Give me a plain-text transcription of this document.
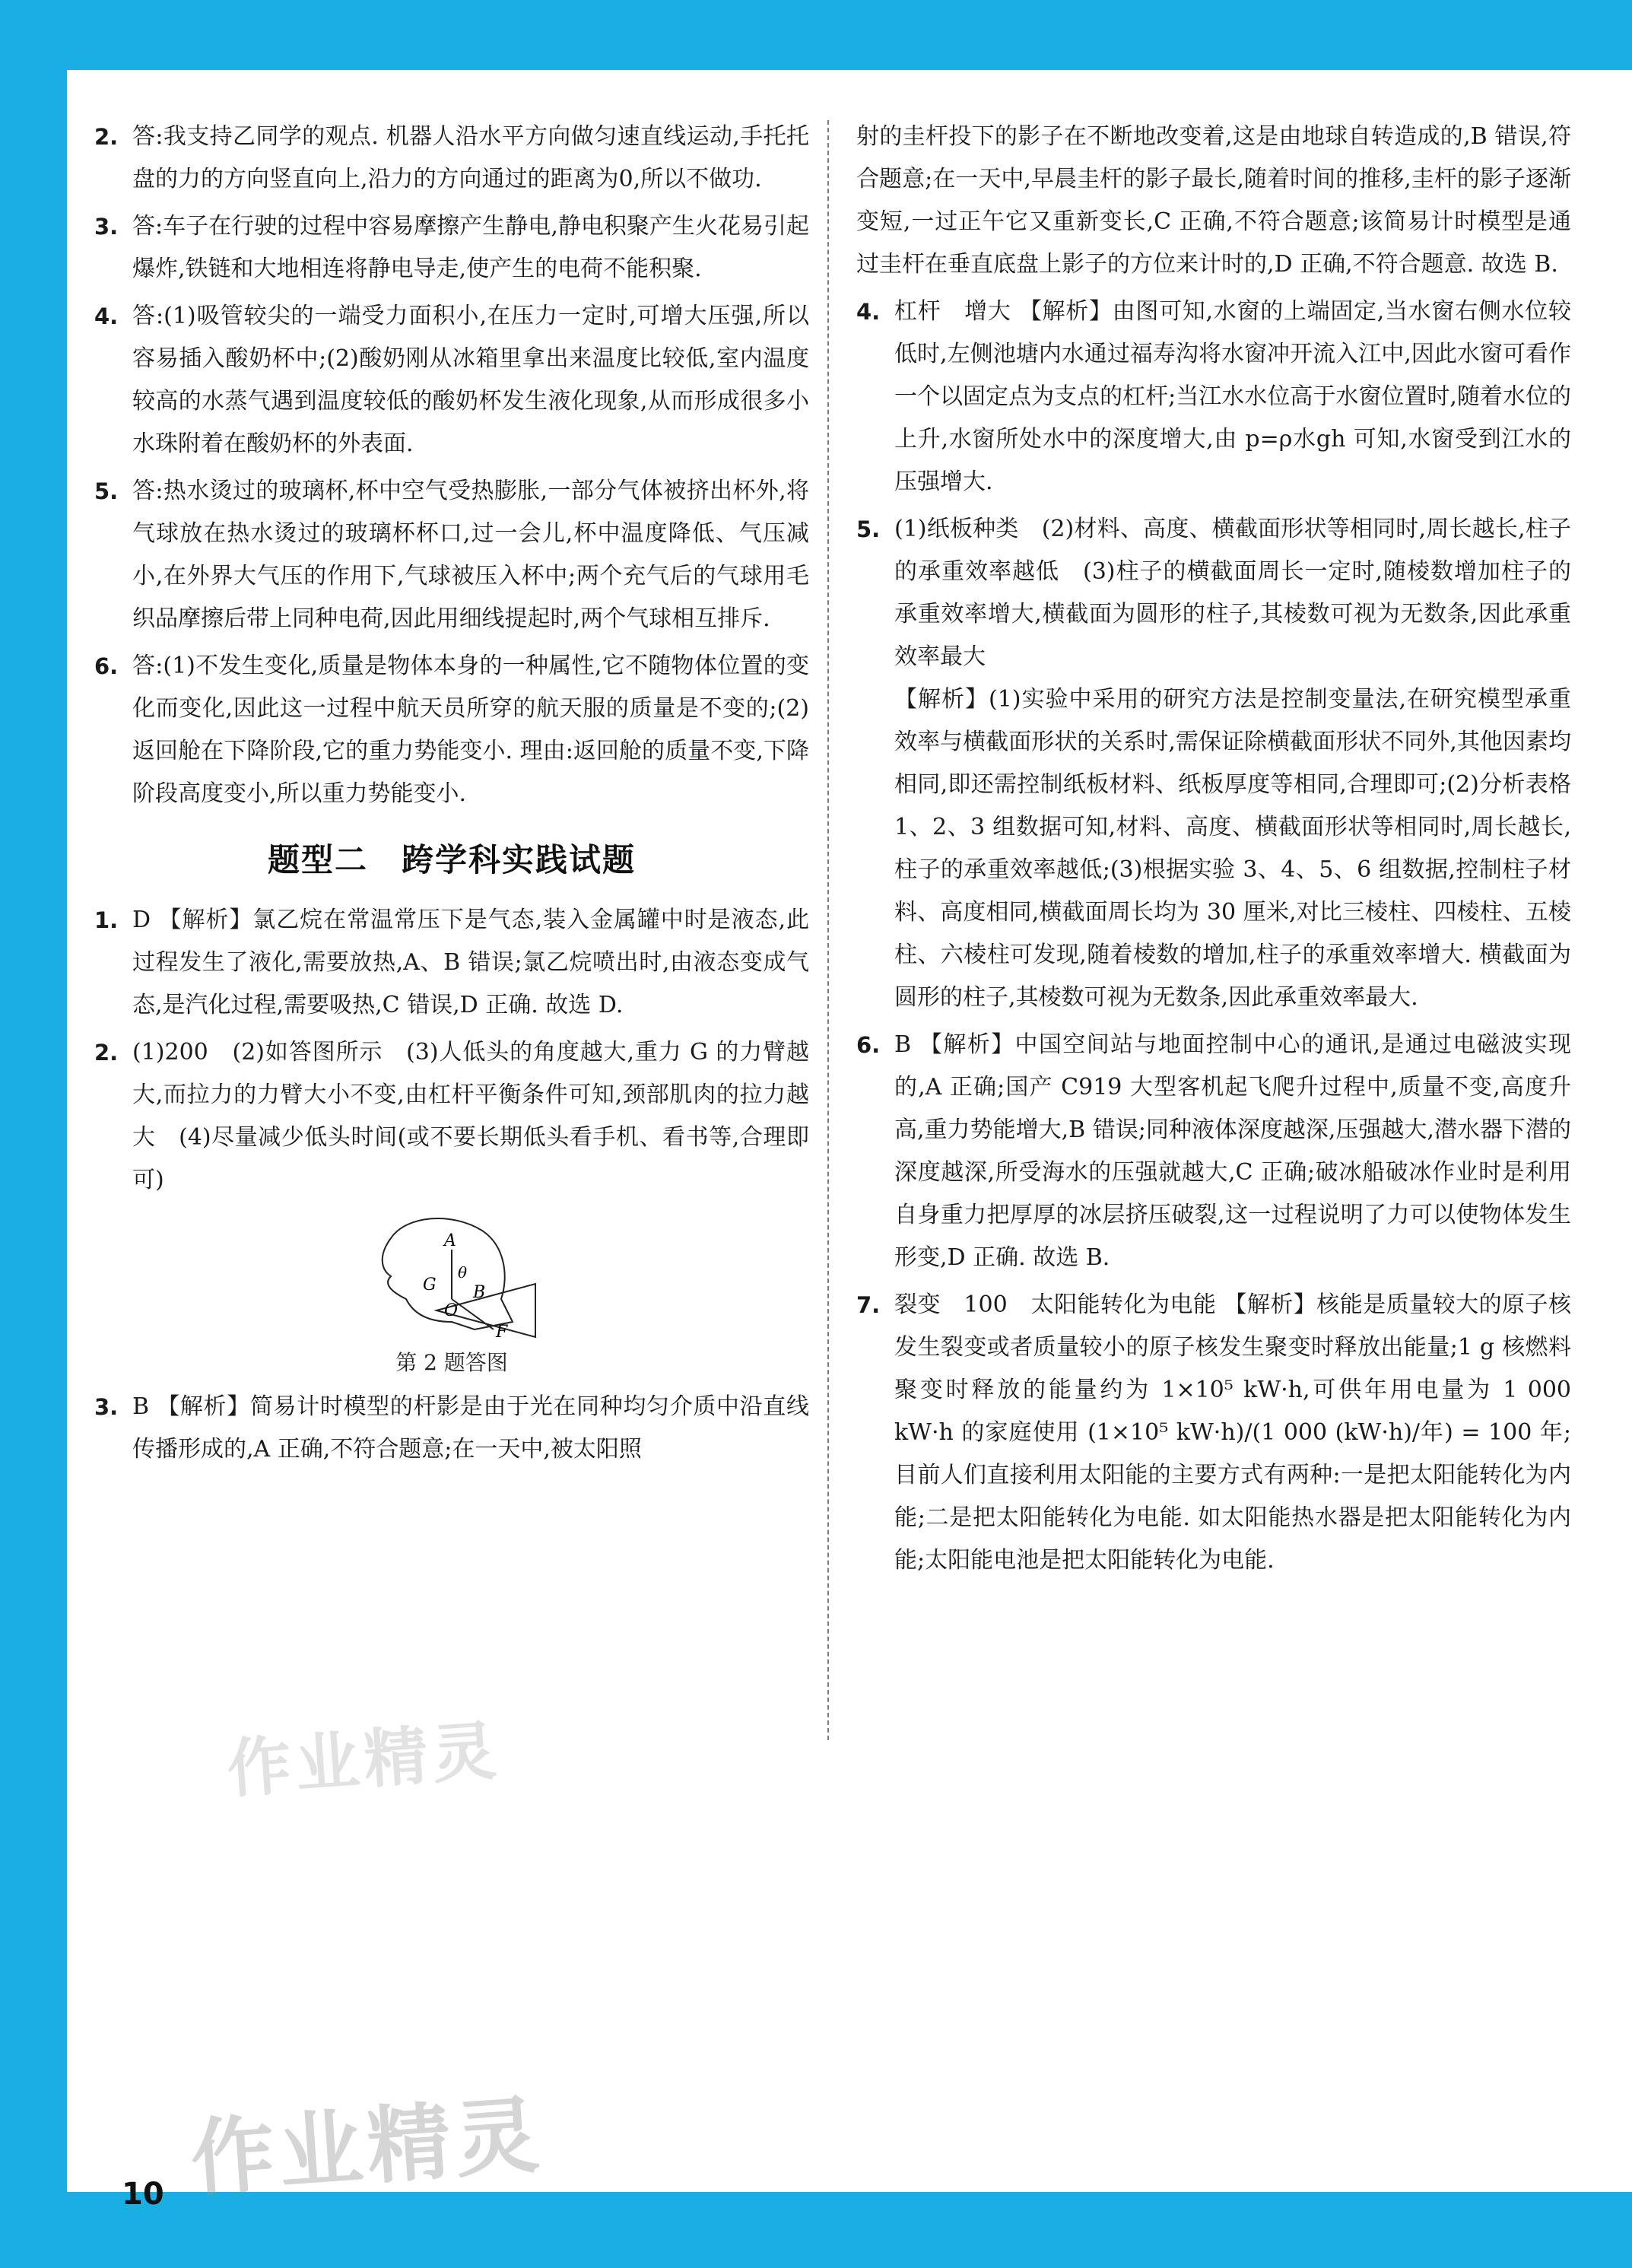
2. 答:我支持乙同学的观点. 机器人沿水平方向做匀速直线运动,手托托盘的力的方向竖直向上,沿力的方向通过的距离为0,所以不做功.

3. 答:车子在行驶的过程中容易摩擦产生静电,静电积聚产生火花易引起爆炸,铁链和大地相连将静电导走,使产生的电荷不能积聚.

4. 答:(1)吸管较尖的一端受力面积小,在压力一定时,可增大压强,所以容易插入酸奶杯中;(2)酸奶刚从冰箱里拿出来温度比较低,室内温度较高的水蒸气遇到温度较低的酸奶杯发生液化现象,从而形成很多小水珠附着在酸奶杯的外表面.

5. 答:热水烫过的玻璃杯,杯中空气受热膨胀,一部分气体被挤出杯外,将气球放在热水烫过的玻璃杯杯口,过一会儿,杯中温度降低、气压减小,在外界大气压的作用下,气球被压入杯中;两个充气后的气球用毛织品摩擦后带上同种电荷,因此用细线提起时,两个气球相互排斥.

6. 答:(1)不发生变化,质量是物体本身的一种属性,它不随物体位置的变化而变化,因此这一过程中航天员所穿的航天服的质量是不变的;(2)返回舱在下降阶段,它的重力势能变小. 理由:返回舱的质量不变,下降阶段高度变小,所以重力势能变小.

题型二　跨学科实践试题
1. D 【解析】氯乙烷在常温常压下是气态,装入金属罐中时是液态,此过程发生了液化,需要放热,A、B 错误;氯乙烷喷出时,由液态变成气态,是汽化过程,需要吸热,C 错误,D 正确. 故选 D.

2. (1)200　(2)如答图所示　(3)人低头的角度越大,重力 G 的力臂越大,而拉力的力臂大小不变,由杠杆平衡条件可知,颈部肌肉的拉力越大　(4)尽量减少低头时间(或不要长期低头看手机、看书等,合理即可)

A
G
θ
B
O
F
第 2 题答图
3. B 【解析】简易计时模型的杆影是由于光在同种均匀介质中沿直线传播形成的,A 正确,不符合题意;在一天中,被太阳照

射的圭杆投下的影子在不断地改变着,这是由地球自转造成的,B 错误,符合题意;在一天中,早晨圭杆的影子最长,随着时间的推移,圭杆的影子逐渐变短,一过正午它又重新变长,C 正确,不符合题意;该简易计时模型是通过圭杆在垂直底盘上影子的方位来计时的,D 正确,不符合题意. 故选 B.

4. 杠杆　增大 【解析】由图可知,水窗的上端固定,当水窗右侧水位较低时,左侧池塘内水通过福寿沟将水窗冲开流入江中,因此水窗可看作一个以固定点为支点的杠杆;当江水水位高于水窗位置时,随着水位的上升,水窗所处水中的深度增大,由 p=ρ水gh 可知,水窗受到江水的压强增大.

5. (1)纸板种类　(2)材料、高度、横截面形状等相同时,周长越长,柱子的承重效率越低　(3)柱子的横截面周长一定时,随棱数增加柱子的承重效率增大,横截面为圆形的柱子,其棱数可视为无数条,因此承重效率最大

【解析】(1)实验中采用的研究方法是控制变量法,在研究模型承重效率与横截面形状的关系时,需保证除横截面形状不同外,其他因素均相同,即还需控制纸板材料、纸板厚度等相同,合理即可;(2)分析表格 1、2、3 组数据可知,材料、高度、横截面形状等相同时,周长越长,柱子的承重效率越低;(3)根据实验 3、4、5、6 组数据,控制柱子材料、高度相同,横截面周长均为 30 厘米,对比三棱柱、四棱柱、五棱柱、六棱柱可发现,随着棱数的增加,柱子的承重效率增大. 横截面为圆形的柱子,其棱数可视为无数条,因此承重效率最大.

6. B 【解析】中国空间站与地面控制中心的通讯,是通过电磁波实现的,A 正确;国产 C919 大型客机起飞爬升过程中,质量不变,高度升高,重力势能增大,B 错误;同种液体深度越深,压强越大,潜水器下潜的深度越深,所受海水的压强就越大,C 正确;破冰船破冰作业时是利用自身重力把厚厚的冰层挤压破裂,这一过程说明了力可以使物体发生形变,D 正确. 故选 B.

7. 裂变　100　太阳能转化为电能 【解析】核能是质量较大的原子核发生裂变或者质量较小的原子核发生聚变时释放出能量;1 g 核燃料聚变时释放的能量约为 1×10⁵ kW·h,可供年用电量为 1 000 kW·h 的家庭使用 (1×10⁵ kW·h)/(1 000 (kW·h)/年) = 100 年;目前人们直接利用太阳能的主要方式有两种:一是把太阳能转化为内能;二是把太阳能转化为电能. 如太阳能热水器是把太阳能转化为内能;太阳能电池是把太阳能转化为电能.

10
作业精灵
作业精灵
